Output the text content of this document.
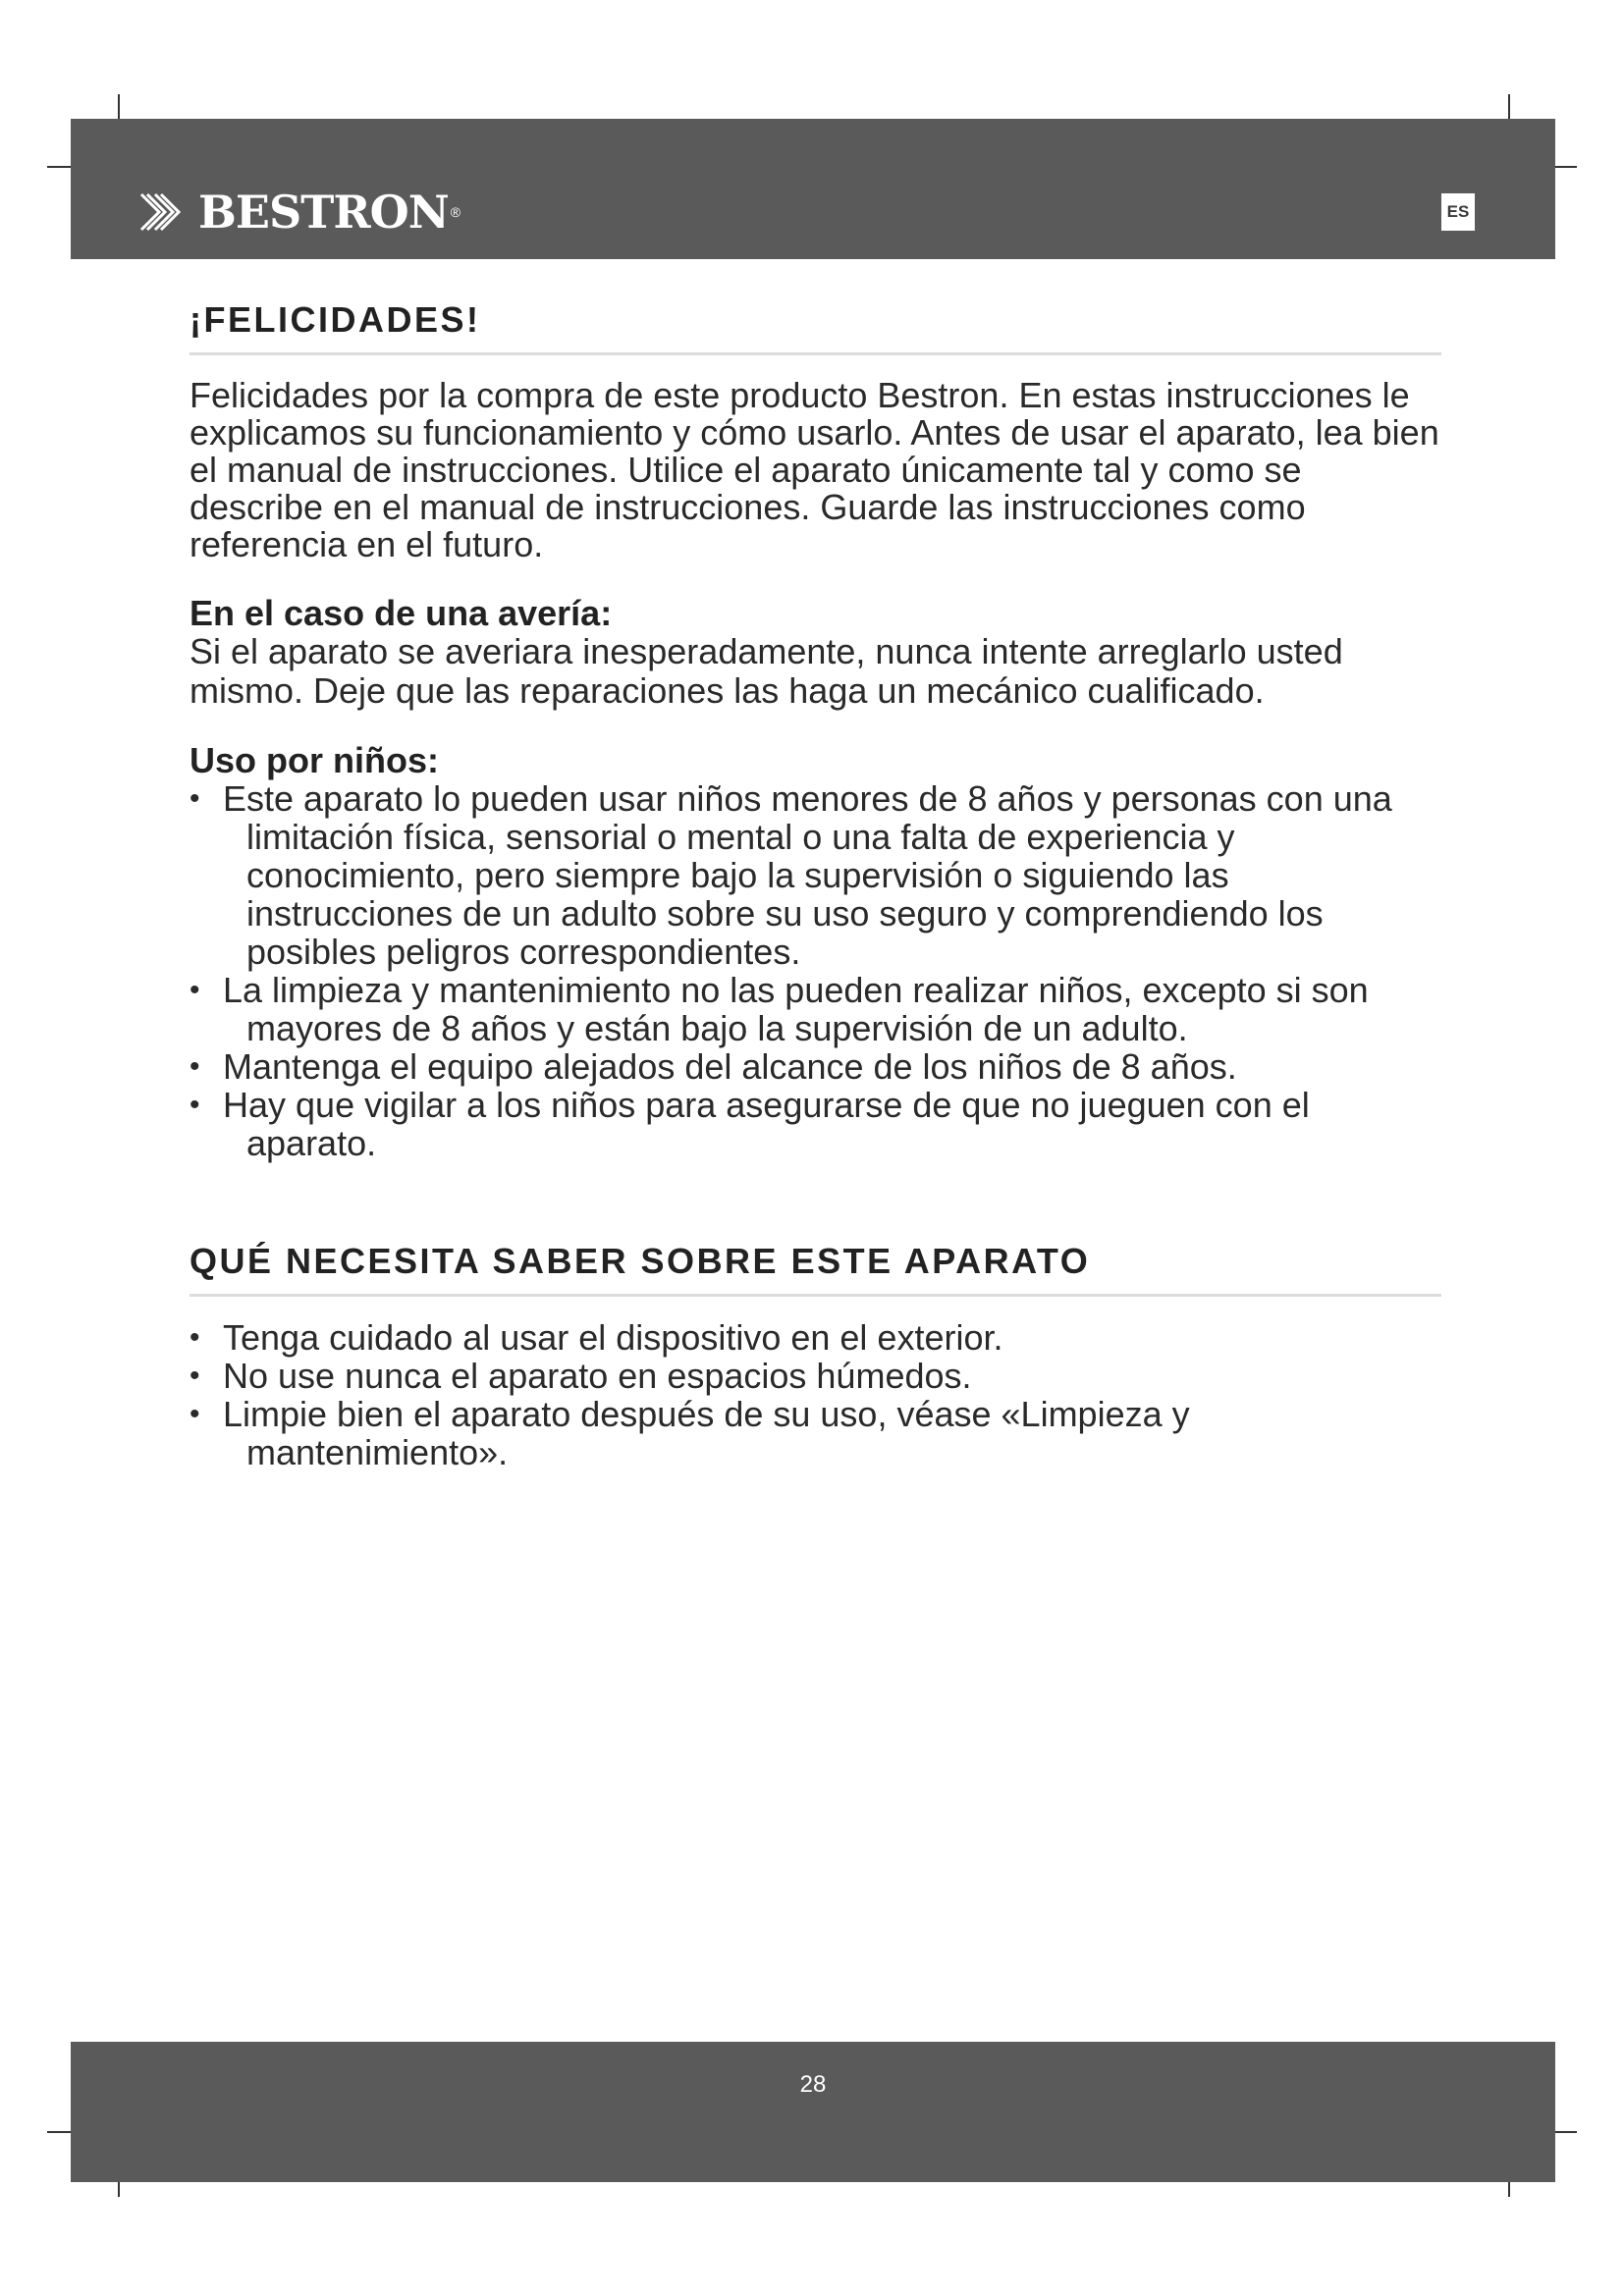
BESTRON ®	ES
¡FELICIDADES!

Felicidades por la compra de este producto Bestron. En estas instrucciones le explicamos su funcionamiento y cómo usarlo. Antes de usar el aparato, lea bien el manual de instrucciones. Utilice el aparato únicamente tal y como se describe en el manual de instrucciones. Guarde las instrucciones como referencia en el futuro.

En el caso de una avería:

Si el aparato se averiara inesperadamente, nunca intente arreglarlo usted mismo. Deje que las reparaciones las haga un mecánico cualificado.

Uso por niños:
• Este aparato lo pueden usar niños menores de 8 años y personas con una limitación física, sensorial o mental o una falta de experiencia y conocimiento, pero siempre bajo la supervisión o siguiendo las instrucciones de un adulto sobre su uso seguro y comprendiendo los posibles peligros correspondientes.
• La limpieza y mantenimiento no las pueden realizar niños, excepto si son mayores de 8 años y están bajo la supervisión de un adulto.
• Mantenga el equipo alejados del alcance de los niños de 8 años.
• Hay que vigilar a los niños para asegurarse de que no jueguen con el aparato.
QUÉ NECESITA SABER SOBRE ESTE APARATO
• Tenga cuidado al usar el dispositivo en el exterior.
• No use nunca el aparato en espacios húmedos.
• Limpie bien el aparato después de su uso, véase «Limpieza y mantenimiento».
28
